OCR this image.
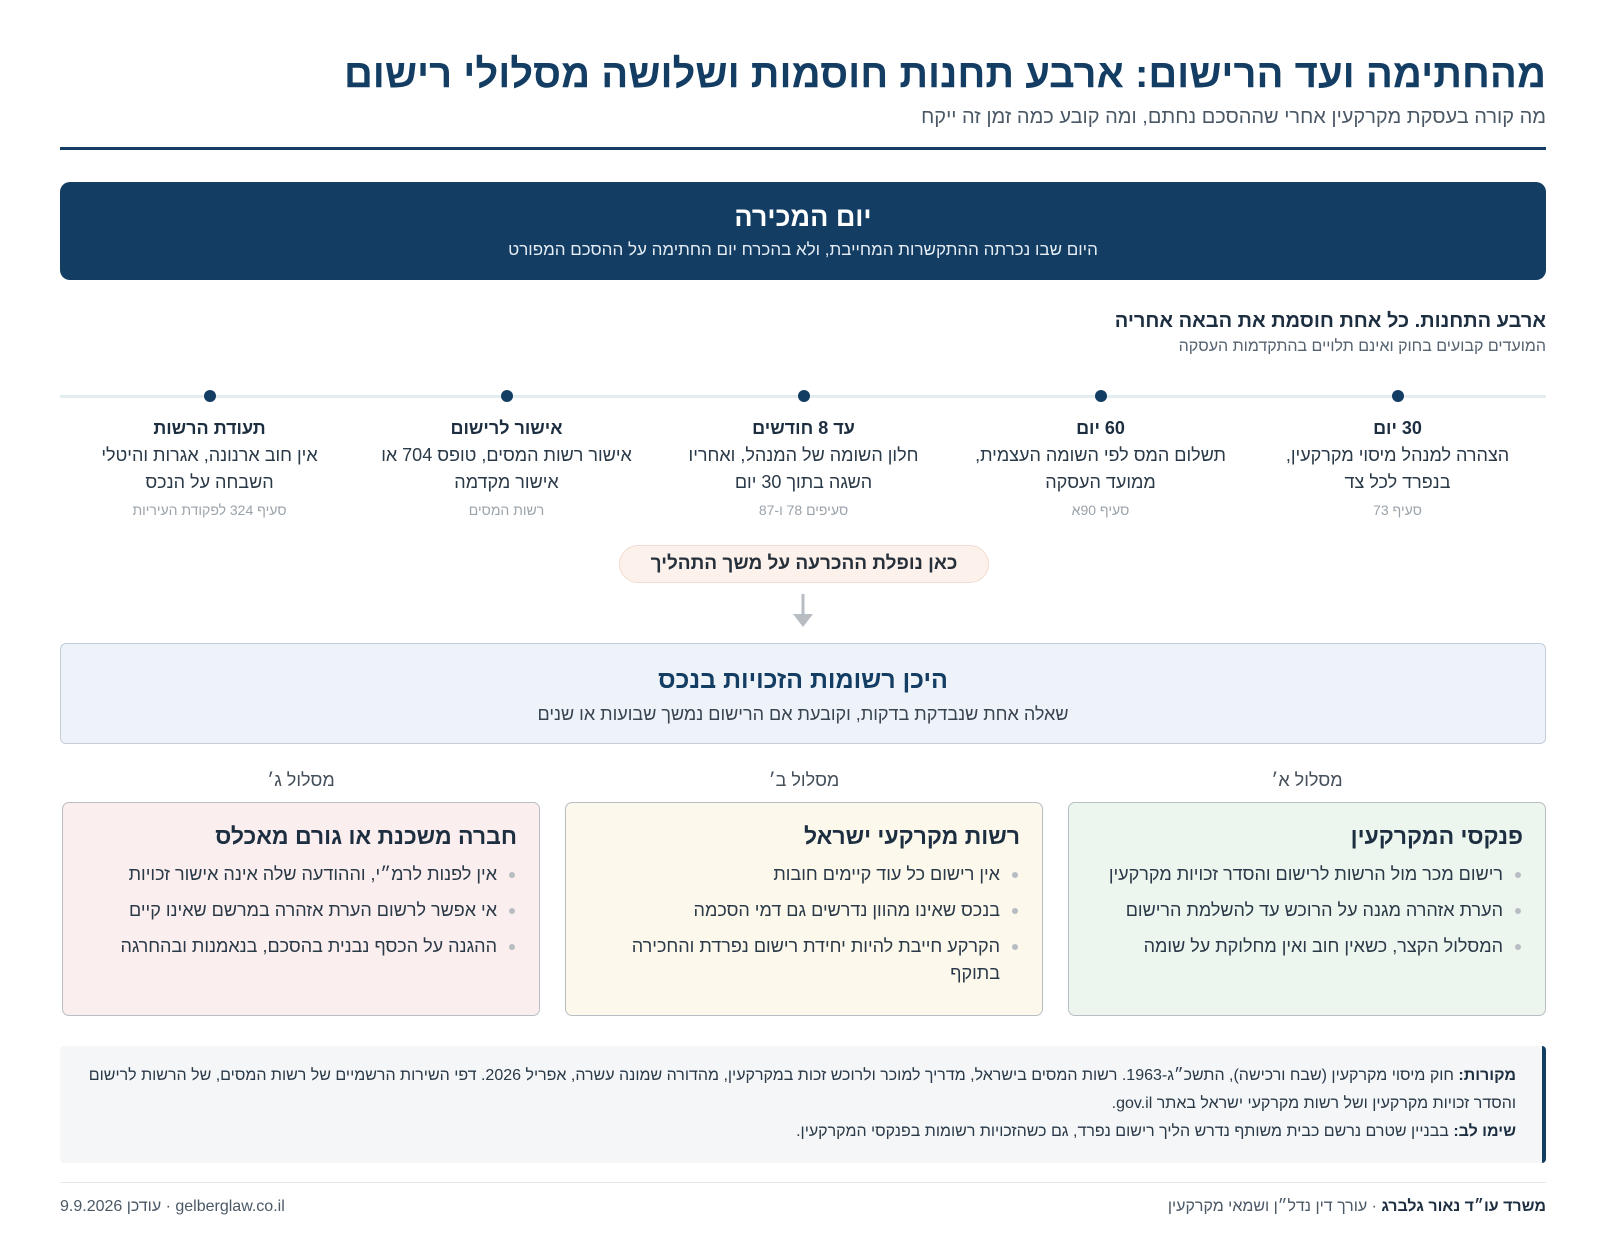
מהחתימה ועד הרישום: ארבע תחנות חוסמות ושלושה מסלולי רישום
מה קורה בעסקת מקרקעין אחרי שההסכם נחתם, ומה קובע כמה זמן זה ייקח
יום המכירה
היום שבו נכרתה ההתקשרות המחייבת, ולא בהכרח יום החתימה על ההסכם המפורט
ארבע התחנות. כל אחת חוסמת את הבאה אחריה
המועדים קבועים בחוק ואינם תלויים בהתקדמות העסקה
30 יום
הצהרה למנהל מיסוי מקרקעין, בנפרד לכל צד
סעיף 73
60 יום
תשלום המס לפי השומה העצמית, ממועד העסקה
סעיף 90א
עד 8 חודשים
חלון השומה של המנהל, ואחריו השגה בתוך 30 יום
סעיפים 78 ו-87
אישור לרישום
אישור רשות המסים, טופס 704 או אישור מקדמה
רשות המסים
תעודת הרשות
אין חוב ארנונה, אגרות והיטלי השבחה על הנכס
סעיף 324 לפקודת העיריות
כאן נופלת ההכרעה על משך התהליך
היכן רשומות הזכויות בנכס
שאלה אחת שנבדקת בדקות, וקובעת אם הרישום נמשך שבועות או שנים
מסלול א׳
מסלול ב׳
מסלול ג׳
פנקסי המקרקעין
רישום מכר מול הרשות לרישום והסדר זכויות מקרקעין
הערת אזהרה מגנה על הרוכש עד להשלמת הרישום
המסלול הקצר, כשאין חוב ואין מחלוקת על שומה
רשות מקרקעי ישראל
אין רישום כל עוד קיימים חובות
בנכס שאינו מהוון נדרשים גם דמי הסכמה
הקרקע חייבת להיות יחידת רישום נפרדת והחכירה בתוקף
חברה משכנת או גורם מאכלס
אין לפנות לרמ״י, וההודעה שלה אינה אישור זכויות
אי אפשר לרשום הערת אזהרה במרשם שאינו קיים
ההגנה על הכסף נבנית בהסכם, בנאמנות ובהחרגה
מקורות: חוק מיסוי מקרקעין (שבח ורכישה), התשכ״ג-1963. רשות המסים בישראל, מדריך למוכר ולרוכש זכות במקרקעין, מהדורה שמונה עשרה, אפריל 2026. דפי השירות הרשמיים של רשות המסים, של הרשות לרישום והסדר זכויות מקרקעין ושל רשות מקרקעי ישראל באתר gov.il.
שימו לב: בבניין שטרם נרשם כבית משותף נדרש הליך רישום נפרד, גם כשהזכויות רשומות בפנקסי המקרקעין.
משרד עו״ד נאור גלברג · עורך דין נדל״ן ושמאי מקרקעין
gelberglaw.co.il · עודכן 9.9.2026
